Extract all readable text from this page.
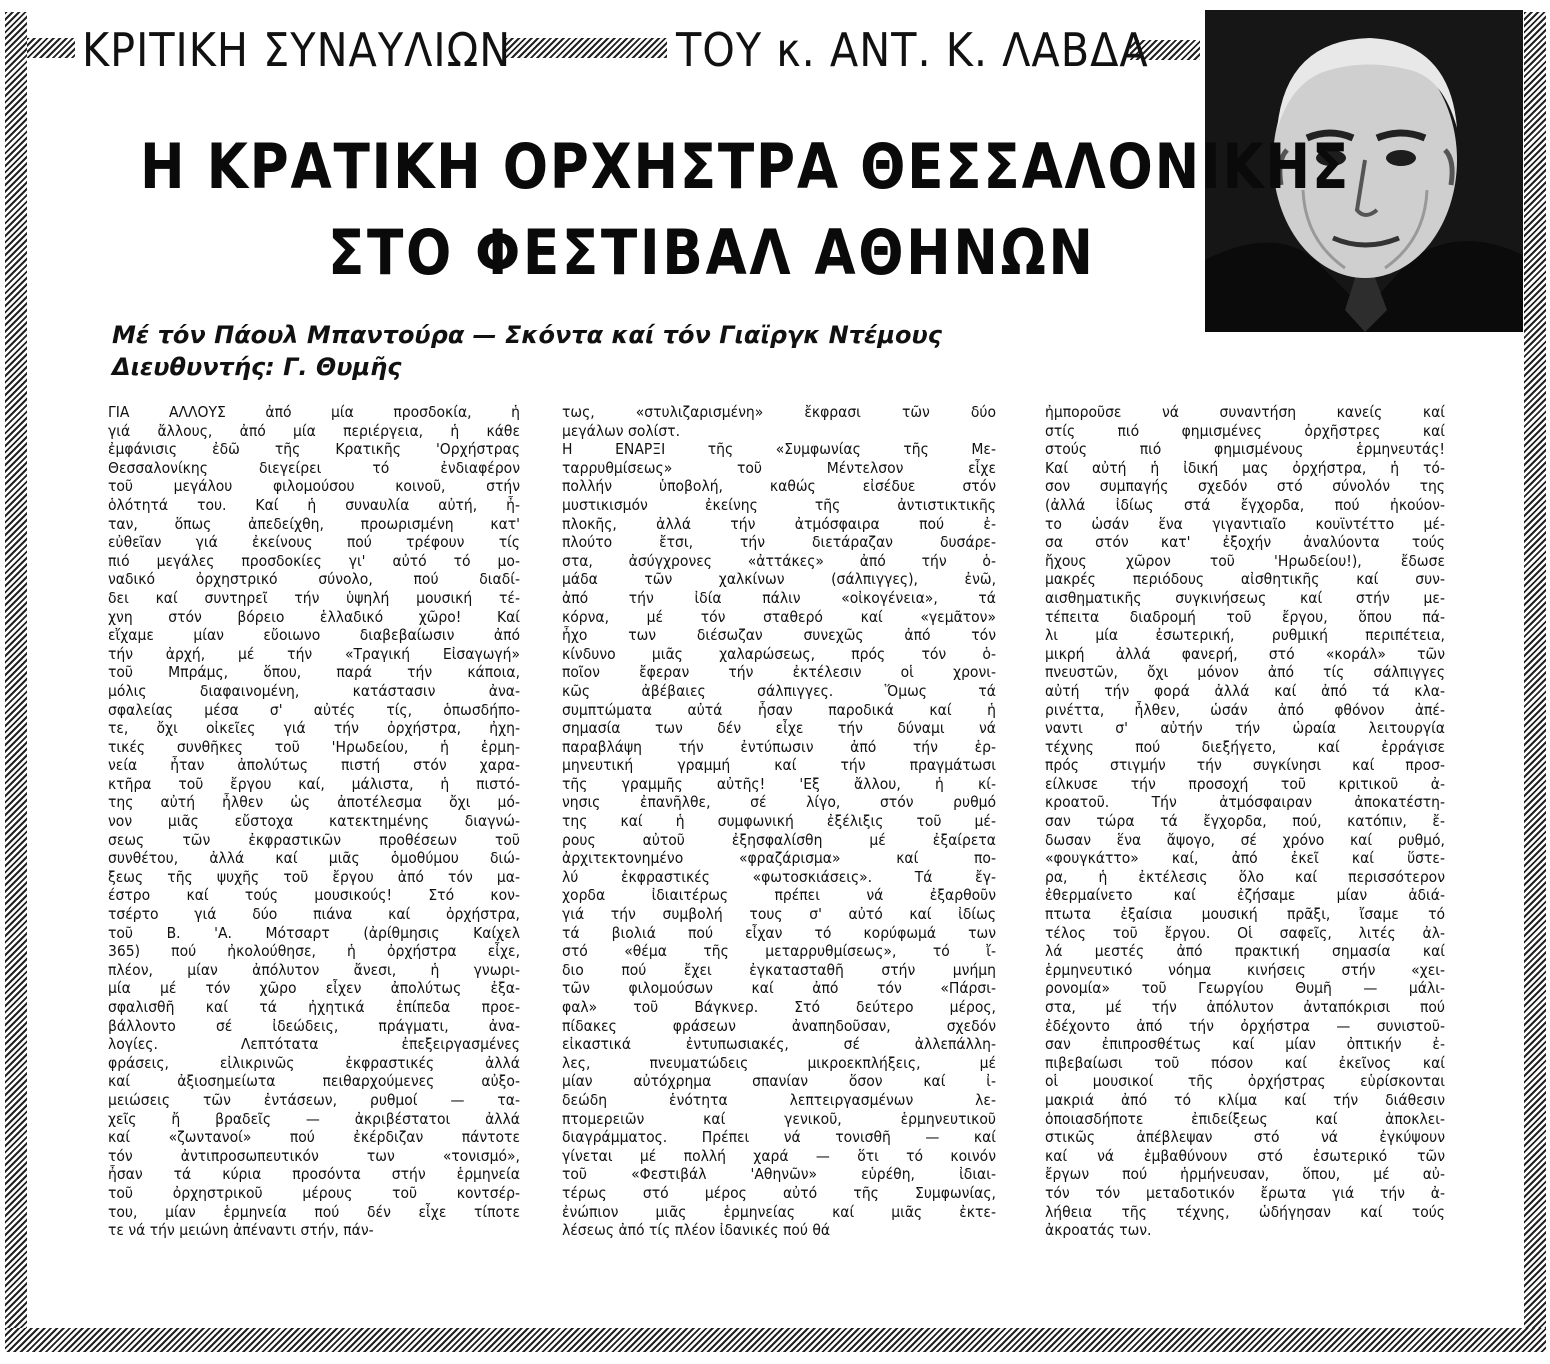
ΚΡΙΤΙΚΗ ΣΥΝΑΥΛΙΩΝ	ΤΟΥ κ. ΑΝΤ. Κ. ΛΑΒΔΑ
Η ΚΡΑΤΙΚΗ ΟΡΧΗΣΤΡΑ ΘΕΣΣΑΛΟΝΙΚΗΣ
ΣΤΟ ΦΕΣΤΙΒΑΛ ΑΘΗΝΩΝ

Μέ τόν Πάουλ Μπαντούρα — Σκόντα καί τόν Γιαϊργκ Ντέμους

Διευθυντής: Γ. Θυμῆς

ΓΙΑ ΑΛΛΟΥΣ ἀπό μία προσδοκία, ἡ
γιά ἄλλους, ἀπό μία περιέργεια, ἡ κάθε
ἐμφάνισις ἐδῶ τῆς Κρατικῆς 'Ορχήστρας
Θεσσαλονίκης διεγείρει τό ἐνδιαφέρον
τοῦ μεγάλου φιλομούσου κοινοῦ, στήν
ὁλότητά του. Καί ἡ συναυλία αὐτή, ἦ-
ταν, ὅπως ἀπεδείχθη, προωρισμένη κατ'
εὐθεῖαν γιά ἐκείνους πού τρέφουν τίς
πιό μεγάλες προσδοκίες γι' αὐτό τό μο-
ναδικό ὀρχηστρικό σύνολο, πού διαδί-
δει καί συντηρεῖ τήν ὑψηλή μουσική τέ-
χνη στόν βόρειο ἑλλαδικό χῶρο! Καί
εἴχαμε μίαν εὔοιωνο διαβεβαίωσιν ἀπό
τήν ἀρχή, μέ τήν «Τραγική Εἰσαγωγή»
τοῦ Μπράμς, ὅπου, παρά τήν κάποια,
μόλις διαφαινομένη, κατάστασιν ἀνα-
σφαλείας μέσα σ' αὐτές τίς, ὁπωσδήπο-
τε, ὄχι οἰκεῖες γιά τήν ὀρχήστρα, ἠχη-
τικές συνθῆκες τοῦ 'Ηρωδείου, ἡ ἑρμη-
νεία ἦταν ἀπολύτως πιστή στόν χαρα-
κτῆρα τοῦ ἔργου καί, μάλιστα, ἡ πιστό-
της αὐτή ἦλθεν ὡς ἀποτέλεσμα ὄχι μό-
νον μιᾶς εὔστοχα κατεκτημένης διαγνώ-
σεως τῶν ἐκφραστικῶν προθέσεων τοῦ
συνθέτου, ἀλλά καί μιᾶς ὁμοθύμου διώ-
ξεως τῆς ψυχῆς τοῦ ἔργου ἀπό τόν μα-
έστρο καί τούς μουσικούς! Στό κον-
τσέρτο γιά δύο πιάνα καί ὀρχήστρα,
τοῦ Β. 'Α. Μότσαρτ (ἀρίθμησις Καίχελ
365) πού ἠκολούθησε, ἡ ὀρχήστρα εἶχε,
πλέον, μίαν ἀπόλυτον ἄνεσι, ἡ γνωρι-
μία μέ τόν χῶρο εἶχεν ἀπολύτως ἐξα-
σφαλισθῆ καί τά ἠχητικά ἐπίπεδα προε-
βάλλοντο σέ ἰδεώδεις, πράγματι, ἀνα-
λογίες. Λεπτότατα ἐπεξειργασμένες
φράσεις, εἰλικρινῶς ἐκφραστικές ἀλλά
καί ἀξιοσημείωτα πειθαρχούμενες αὐξο-
μειώσεις τῶν ἐντάσεων, ρυθμοί — τα-
χεῖς ἤ βραδεῖς — ἀκριβέστατοι ἀλλά
καί «ζωντανοί» πού ἐκέρδιζαν πάντοτε
τόν ἀντιπροσωπευτικόν των «τονισμό»,
ἦσαν τά κύρια προσόντα στήν ἑρμηνεία
τοῦ ὀρχηστρικοῦ μέρους τοῦ κοντσέρ-
του, μίαν ἑρμηνεία πού δέν εἶχε τίποτε
τε νά τήν μειώνη ἀπέναντι στήν, πάν-
τως, «στυλιζαρισμένη» ἔκφρασι τῶν δύο
μεγάλων σολίστ.
Η ΕΝΑΡΞΙ τῆς «Συμφωνίας τῆς Με-
ταρρυθμίσεως» τοῦ Μέντελσον εἶχε
πολλήν ὑποβολή, καθώς εἰσέδυε στόν
μυστικισμόν ἐκείνης τῆς ἀντιστικτικῆς
πλοκῆς, ἀλλά τήν ἀτμόσφαιρα πού ἐ-
πλούτο ἔτσι, τήν διετάραζαν δυσάρε-
στα, ἀσύγχρονες «ἀττάκες» ἀπό τήν ὁ-
μάδα τῶν χαλκίνων (σάλπιγγες), ἐνῶ,
ἀπό τήν ἰδία πάλιν «οἰκογένεια», τά
κόρνα, μέ τόν σταθερό καί «γεμᾶτον»
ἦχο των διέσωζαν συνεχῶς ἀπό τόν
κίνδυνο μιᾶς χαλαρώσεως, πρός τόν ὁ-
ποῖον ἔφεραν τήν ἐκτέλεσιν οἱ χρονι-
κῶς ἀβέβαιες σάλπιγγες. Ὅμως τά
συμπτώματα αὐτά ἦσαν παροδικά καί ἡ
σημασία των δέν εἶχε τήν δύναμι νά
παραβλάψη τήν ἐντύπωσιν ἀπό τήν ἑρ-
μηνευτική γραμμή καί τήν πραγμάτωσι
τῆς γραμμῆς αὐτῆς! 'Εξ ἄλλου, ἡ κί-
νησις ἐπανῆλθε, σέ λίγο, στόν ρυθμό
της καί ἡ συμφωνική ἐξέλιξις τοῦ μέ-
ρους αὐτοῦ ἐξησφαλίσθη μέ ἐξαίρετα
ἀρχιτεκτονημένο «φραζάρισμα» καί πο-
λύ ἐκφραστικές «φωτοσκιάσεις». Τά ἔγ-
χορδα ἰδιαιτέρως πρέπει νά ἐξαρθοῦν
γιά τήν συμβολή τους σ' αὐτό καί ἰδίως
τά βιολιά πού εἶχαν τό κορύφωμά των
στό «θέμα τῆς μεταρρυθμίσεως», τό ἴ-
διο πού ἔχει ἐγκατασταθῆ στήν μνήμη
τῶν φιλομούσων καί ἀπό τόν «Πάρσι-
φαλ» τοῦ Βάγκνερ. Στό δεύτερο μέρος,
πίδακες φράσεων ἀναπηδοῦσαν, σχεδόν
εἰκαστικά ἐντυπωσιακές, σέ ἀλλεπάλλη-
λες, πνευματώδεις μικροεκπλήξεις, μέ
μίαν αὐτόχρημα σπανίαν ὅσον καί ἰ-
δεώδη ἑνότητα λεπτειργασμένων λε-
πτομερειῶν καί γενικοῦ, ἑρμηνευτικοῦ
διαγράμματος. Πρέπει νά τονισθῆ — καί
γίνεται μέ πολλή χαρά — ὅτι τό κοινόν
τοῦ «Φεστιβάλ 'Αθηνῶν» εὑρέθη, ἰδιαι-
τέρως στό μέρος αὐτό τῆς Συμφωνίας,
ἐνώπιον μιᾶς ἑρμηνείας καί μιᾶς ἐκτε-
λέσεως ἀπό τίς πλέον ἰδανικές πού θά
ἠμποροῦσε νά συναντήση κανείς καί
στίς πιό φημισμένες ὀρχῆστρες καί
στούς πιό φημισμένους ἑρμηνευτάς!
Καί αὐτή ἡ ἰδική μας ὀρχήστρα, ἡ τό-
σον συμπαγής σχεδόν στό σύνολόν της
(ἀλλά ἰδίως στά ἔγχορδα, πού ἠκούον-
το ὡσάν ἕνα γιγαντιαῖο κουϊντέττο μέ-
σα στόν κατ' ἐξοχήν ἀναλύοντα τούς
ἤχους χῶρον τοῦ 'Ηρωδείου!), ἔδωσε
μακρές περιόδους αἰσθητικῆς καί συν-
αισθηματικῆς συγκινήσεως καί στήν με-
τέπειτα διαδρομή τοῦ ἔργου, ὅπου πά-
λι μία ἐσωτερική, ρυθμική περιπέτεια,
μικρή ἀλλά φανερή, στό «κοράλ» τῶν
πνευστῶν, ὄχι μόνον ἀπό τίς σάλπιγγες
αὐτή τήν φορά ἀλλά καί ἀπό τά κλα-
ρινέττα, ἦλθεν, ὡσάν ἀπό φθόνον ἀπέ-
ναντι σ' αὐτήν τήν ὡραία λειτουργία
τέχνης πού διεξήγετο, καί ἐρράγισε
πρός στιγμήν τήν συγκίνησι καί προσ-
είλκυσε τήν προσοχή τοῦ κριτικοῦ ἀ-
κροατοῦ. Τήν ἀτμόσφαιραν ἀποκατέστη-
σαν τώρα τά ἔγχορδα, πού, κατόπιν, ἔ-
δωσαν ἕνα ἄψογο, σέ χρόνο καί ρυθμό,
«φουγκάττο» καί, ἀπό ἐκεῖ καί ὕστε-
ρα, ἡ ἐκτέλεσις ὅλο καί περισσότερον
ἐθερμαίνετο καί ἐζήσαμε μίαν ἀδιά-
πτωτα ἐξαίσια μουσική πρᾶξι, ἴσαμε τό
τέλος τοῦ ἔργου. Οἱ σαφεῖς, λιτές ἀλ-
λά μεστές ἀπό πρακτική σημασία καί
ἑρμηνευτικό νόημα κινήσεις στήν «χει-
ρονομία» τοῦ Γεωργίου Θυμῆ — μάλι-
στα, μέ τήν ἀπόλυτον ἀνταπόκρισι πού
ἐδέχοντο ἀπό τήν ὀρχήστρα — συνιστοῦ-
σαν ἐπιπροσθέτως καί μίαν ὀπτικήν ἐ-
πιβεβαίωσι τοῦ πόσον καί ἐκεῖνος καί
οἱ μουσικοί τῆς ὀρχήστρας εὑρίσκονται
μακριά ἀπό τό κλίμα καί τήν διάθεσιν
ὁποιασδήποτε ἐπιδείξεως καί ἀποκλει-
στικῶς ἀπέβλεψαν στό νά ἐγκύψουν
καί νά ἐμβαθύνουν στό ἐσωτερικό τῶν
ἔργων πού ἡρμήνευσαν, ὅπου, μέ αὐ-
τόν τόν μεταδοτικόν ἔρωτα γιά τήν ἀ-
λήθεια τῆς τέχνης, ὡδήγησαν καί τούς
ἀκροατάς των.
